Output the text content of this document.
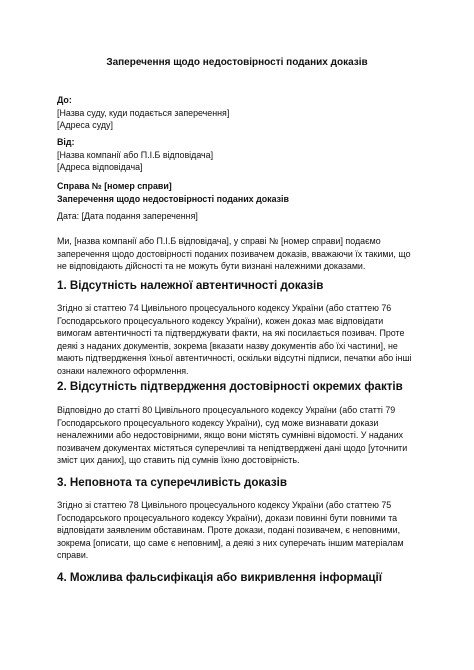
Заперечення щодо недостовірності поданих доказів
До:
[Назва суду, куди подається заперечення]
[Адреса суду]
Від:
[Назва компанії або П.І.Б відповідача]
[Адреса відповідача]
Справа № [номер справи]
Заперечення щодо недостовірності поданих доказів
Дата: [Дата подання заперечення]

Ми, [назва компанії або П.І.Б відповідача], у справі № [номер справи] подаємо заперечення щодо достовірності поданих позивачем доказів, вважаючи їх такими, що не відповідають дійсності та не можуть бути визнані належними доказами.

1. Відсутність належної автентичності доказів

Згідно зі статтею 74 Цивільного процесуального кодексу України (або статтею 76 Господарського процесуального кодексу України), кожен доказ має відповідати вимогам автентичності та підтверджувати факти, на які посилається позивач. Проте деякі з наданих документів, зокрема [вказати назву документів або їхі частини], не мають підтвердження їхньої автентичності, оскільки відсутні підписи, печатки або інші ознаки належного оформлення.

2. Відсутність підтвердження достовірності окремих фактів

Відповідно до статті 80 Цивільного процесуального кодексу України (або статті 79 Господарського процесуального кодексу України), суд може визнавати докази неналежними або недостовірними, якщо вони містять сумнівні відомості. У наданих позивачем документах містяться суперечливі та непідтверджені дані щодо [уточнити зміст цих даних], що ставить під сумнів їхню достовірність.

3. Неповнота та суперечливість доказів

Згідно зі статтею 78 Цивільного процесуального кодексу України (або статтею 75 Господарського процесуального кодексу України), докази повинні бути повними та відповідати заявленим обставинам. Проте докази, подані позивачем, є неповними, зокрема [описати, що саме є неповним], а деякі з них суперечать іншим матеріалам справи.

4. Можлива фальсифікація або викривлення інформації
